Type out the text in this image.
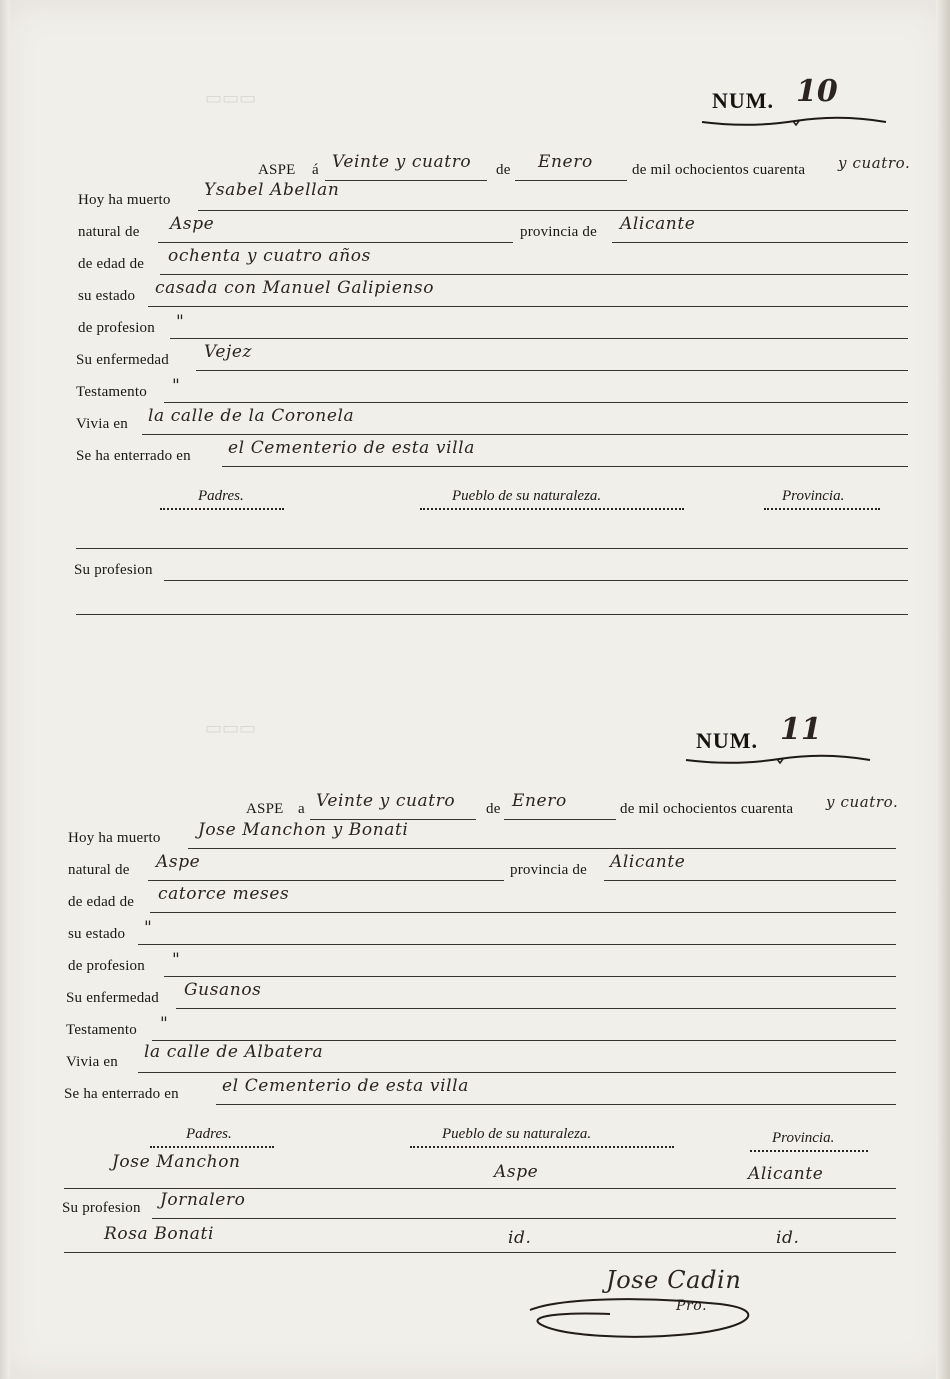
▭▭▭
▭▭▭
NUM. 10
ASPE á Veinte y cuatro de Enero	de mil ochocientos cuarenta y cuatro.
Hoy ha muerto Ysabel Abellan
natural de Aspe	provincia de Alicante
de edad de ochenta y cuatro años
su estado casada con Manuel Galipienso
de profesion "
Su enfermedad Vejez
Testamento "
Vivia en la calle de la Coronela
Se ha enterrado en el Cementerio de esta villa
Padres.	Pueblo de su naturaleza.	Provincia.
Su profesion
NUM. 11
ASPE a Veinte y cuatro de Enero	de mil ochocientos cuarenta y cuatro.
Hoy ha muerto Jose Manchon y Bonati
natural de Aspe	provincia de Alicante
de edad de catorce meses
su estado "
de profesion "
Su enfermedad Gusanos
Testamento "
Vivia en la calle de Albatera
Se ha enterrado en	el Cementerio de esta villa
Padres.	Pueblo de su naturaleza.	Provincia.
Jose Manchon	Aspe	Alicante
Su profesion Jornalero
Rosa Bonati	id.	id.
Jose Cadin
Pro.
